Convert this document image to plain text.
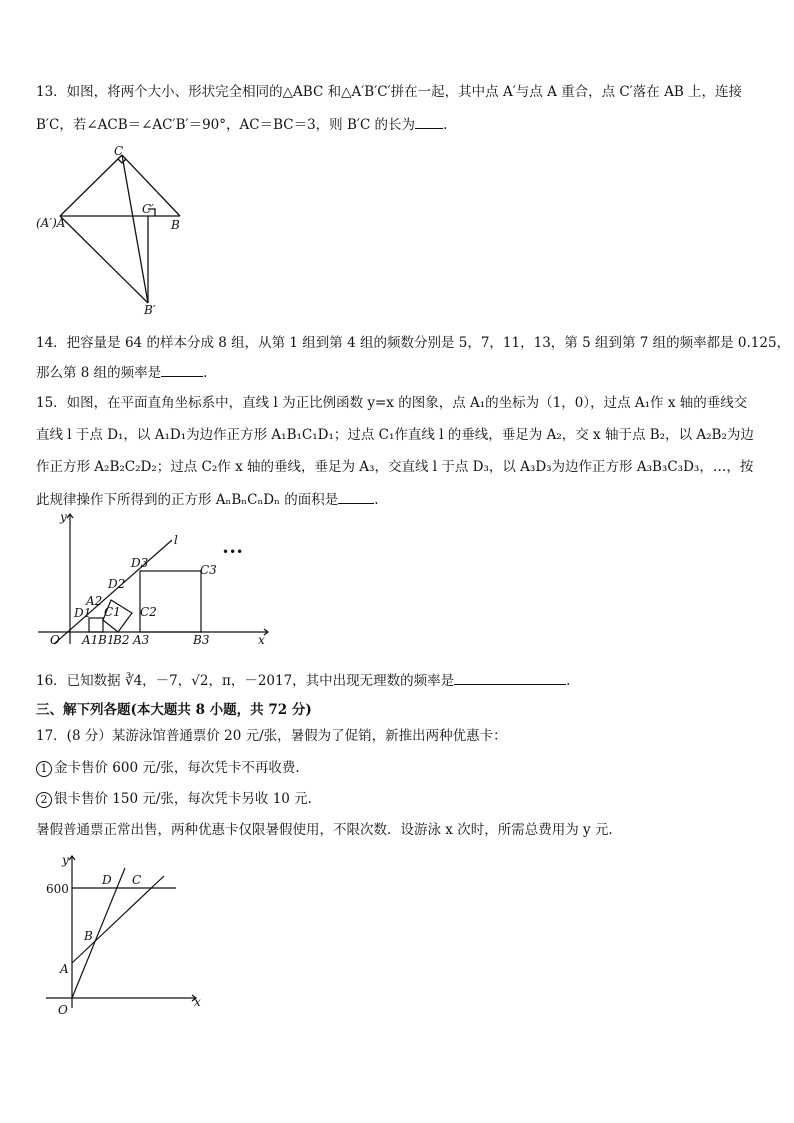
13．如图，将两个大小、形状完全相同的△ABC 和△A′B′C′拼在一起，其中点 A′与点 A 重合，点 C′落在 AB 上，连接
B′C，若∠ACB＝∠AC′B′＝90°，AC＝BC＝3，则 B′C 的长为 .
C
C′
(A′)A	B
B′
14．把容量是 64 的样本分成 8 组，从第 1 组到第 4 组的频数分别是 5，7，11，13，第 5 组到第 7 组的频率都是 0.125，
那么第 8 组的频率是	.
15．如图，在平面直角坐标系中，直线 l 为正比例函数 y=x 的图象，点 A₁的坐标为（1，0），过点 A₁作 x 轴的垂线交
直线 l 于点 D₁，以 A₁D₁为边作正方形 A₁B₁C₁D₁；过点 C₁作直线 l 的垂线，垂足为 A₂，交 x 轴于点 B₂，以 A₂B₂为边
作正方形 A₂B₂C₂D₂；过点 C₂作 x 轴的垂线，垂足为 A₃，交直线 l 于点 D₃，以 A₃D₃为边作正方形 A₃B₃C₃D₃，…，按
此规律操作下所得到的正方形 AₙBₙCₙDₙ 的面积是	.
y
x
O
l
•••
D1
A2
C1
D2
C2
D3	C3
A1 B1
B2 A3	B3
16．已知数据 ∛4，－7，√2，π，－2017，其中出现无理数的频率是	.
三、解下列各题(本大题共 8 小题，共 72 分)
17．(8 分）某游泳馆普通票价 20 元/张，暑假为了促销，新推出两种优惠卡：
1 金卡售价 600 元/张，每次凭卡不再收费.
2 银卡售价 150 元/张，每次凭卡另收 10 元.
暑假普通票正常出售，两种优惠卡仅限暑假使用，不限次数．设游泳 x 次时，所需总费用为 y 元.
y
x
O
600
A
B
C
D
